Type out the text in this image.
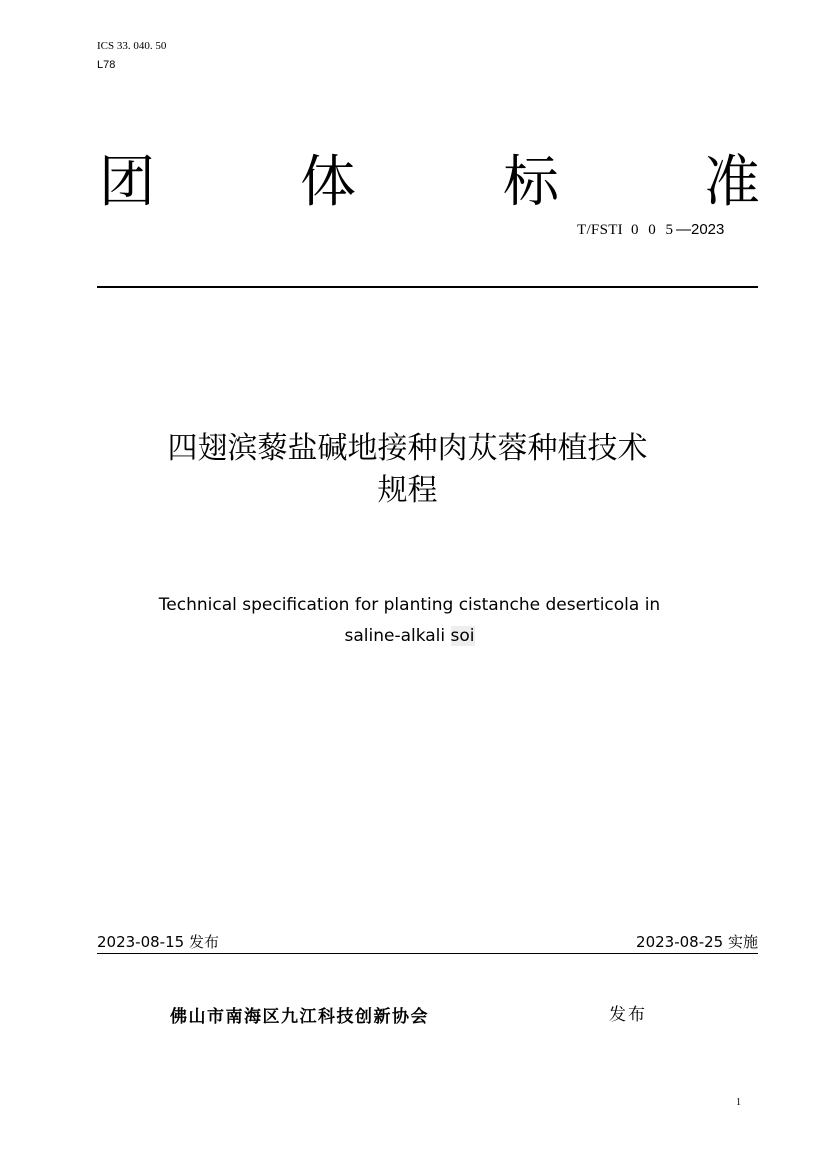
ICS 33. 040. 50
L78
团	体	标	准
T/FSTI 0 0 5—2023
四翅滨藜盐碱地接种肉苁蓉种植技术
规程
Technical specification for planting cistanche deserticola in
saline-alkali soi
2023-08-15 发布	2023-08-25 实施
佛山市南海区九江科技创新协会	发布
1
